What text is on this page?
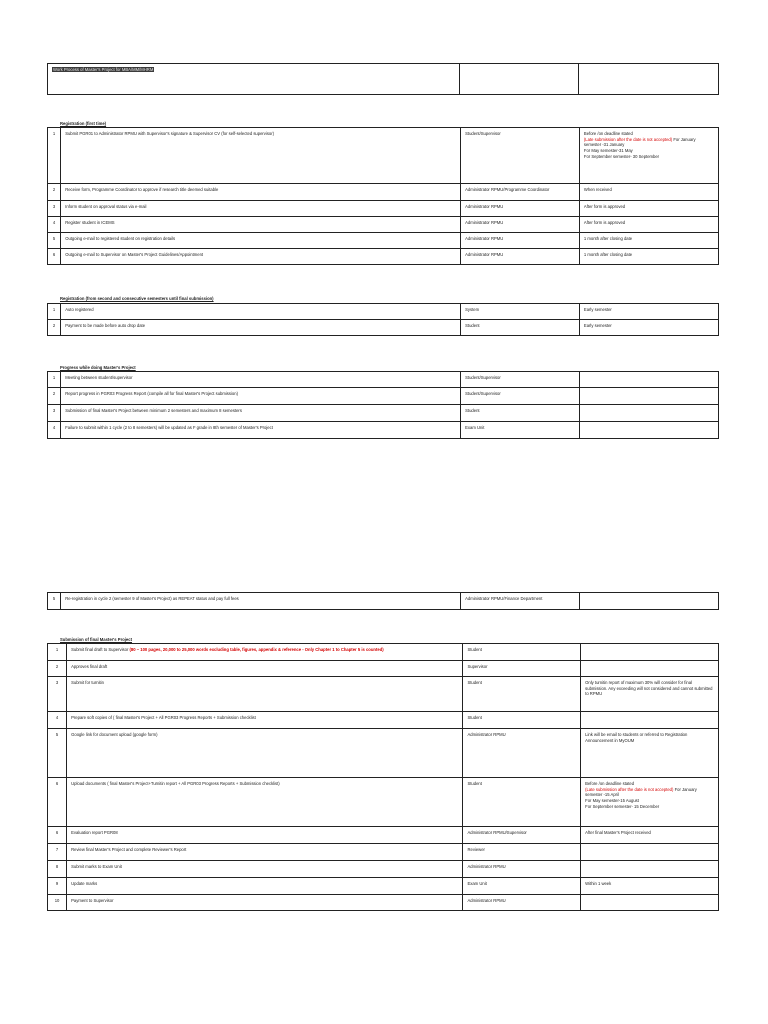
Work Process of Master's Project for MBA/MM/MHRM		
Registration (first time)
1	Submit PGR01 to Administrator RPMU with Supervisor's signature & Supervisor CV (for self-selected supervisor)	Student/Supervisor	Before /on deadline stated
(Late submission after the date is not accepted) For January semester -31 January
For May semester-31 May
For September semester- 30 September
2	Receive form, Programme Coordinator to approve if research title deemed suitable	Administrator RPMU/Programme Coordinator	When received
3	Inform student on approval status via e-mail	Administrator RPMU	After form is approved
4	Register student in ICEMS	Administrator RPMU	After form is approved
5	Outgoing e-mail to registered student on registration details	Administrator RPMU	1 month after closing date
6	Outgoing e-mail to Supervisor on Master's Project Guidelines/Appointment	Administrator RPMU	1 month after closing date
Registration (from second and consecutive semesters until final submission)
1	Auto registered	System	Early semester
2	Payment to be made before auto drop date	Student	Early semester
Progress while doing Master's Project
1	Meeting between student/supervisor	Student/Supervisor	
2	Report progress in PGR03 Progress Report (compile all for final Master's Project submission)	Student/Supervisor	
3	Submission of final Master's Project between minimum 2 semesters and maximum 8 semesters	Student	
4	Failure to submit within 1 cycle (2 to 8 semesters) will be updated as F grade in 8th semester of Master's Project	Exam Unit	
5	Re-registration in cycle 2 (semester 9 of Master's Project) as REPEAT status and pay full fees	Administrator RPMU/Finance Department	
Submission of final Master's Project
1	Submit final draft to Supervisor (80 – 100 pages, 20,000 to 25,000 words excluding table, figures, appendix & reference - Only Chapter 1 to Chapter 5 is counted)	Student	
2	Approves final draft	Supervisor	
3	Submit for turnitin	Student	Only turnitin report of maximum 30% will consider for final submission. Any exceeding will not considered and cannot submitted to RPMU
4	Prepare soft copies of ( final Master's Project + All PGR03 Progress Reports + Submission checklist	Student	
5	Google link for document upload (google form)	Administrator RPMU	Link will be email to students or referred to Registration Announcement in MyOUM
6	Upload documents ( final Master's Project+Turnitin report + All PGR03 Progress Reports + Submission checklist)	Student	Before /on deadline stated
(Late submission after the date is not accepted) For January semester -15 April
For May semester-15 August
For September semester- 15 December
6	Evaluation report PGR08	Administrator RPMU/Supervisor	After final Master's Project received
7	Review final Master's Project and complete Reviewer's Report	Reviewer	
8	Submit marks to Exam Unit	Administrator RPMU	
9	Update marks	Exam Unit	Within 1 week
10	Payment to Supervisor	Administrator RPMU	
